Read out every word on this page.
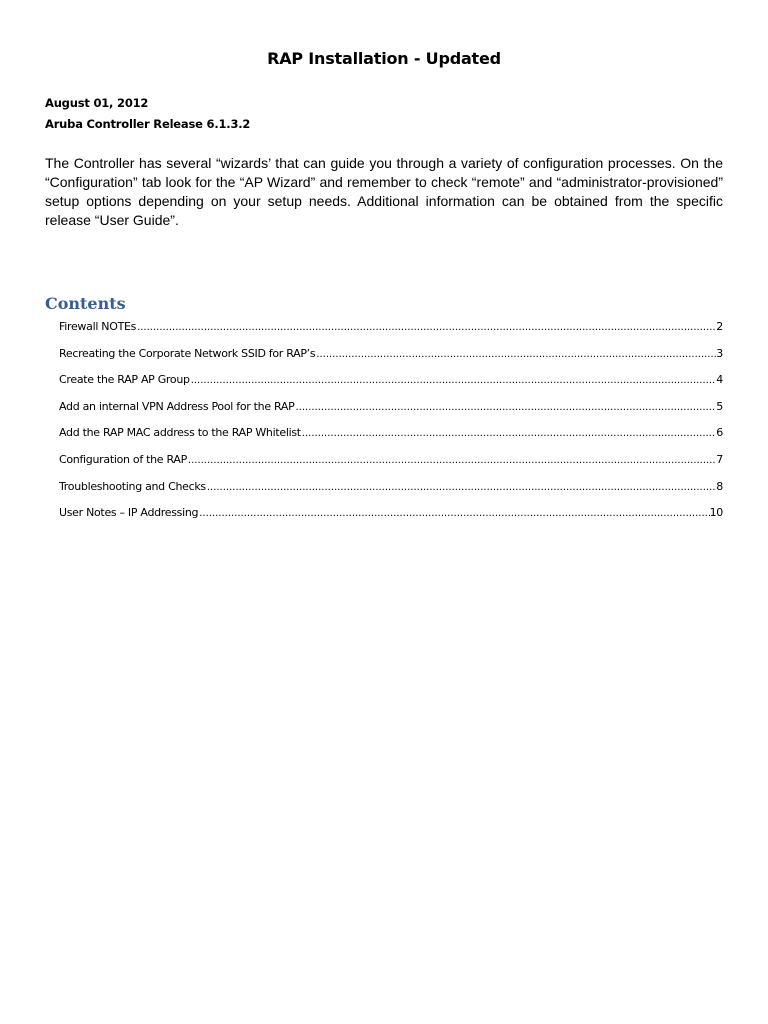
RAP Installation - Updated
August 01, 2012
Aruba Controller Release 6.1.3.2

The Controller has several “wizards’ that can guide you through a variety of configuration processes. On the “Configuration” tab look for the “AP Wizard” and remember to check “remote” and “administrator-provisioned” setup options depending on your setup needs. Additional information can be obtained from the specific release “User Guide”.

Contents
Firewall NOTEs .....	2
Recreating the Corporate Network SSID for RAP’s .....	3
Create the RAP AP Group .....	4
Add an internal VPN Address Pool for the RAP .....	5
Add the RAP MAC address to the RAP Whitelist .....	6
Configuration of the RAP .....	7
Troubleshooting and Checks .....	8
User Notes – IP Addressing .....	10
